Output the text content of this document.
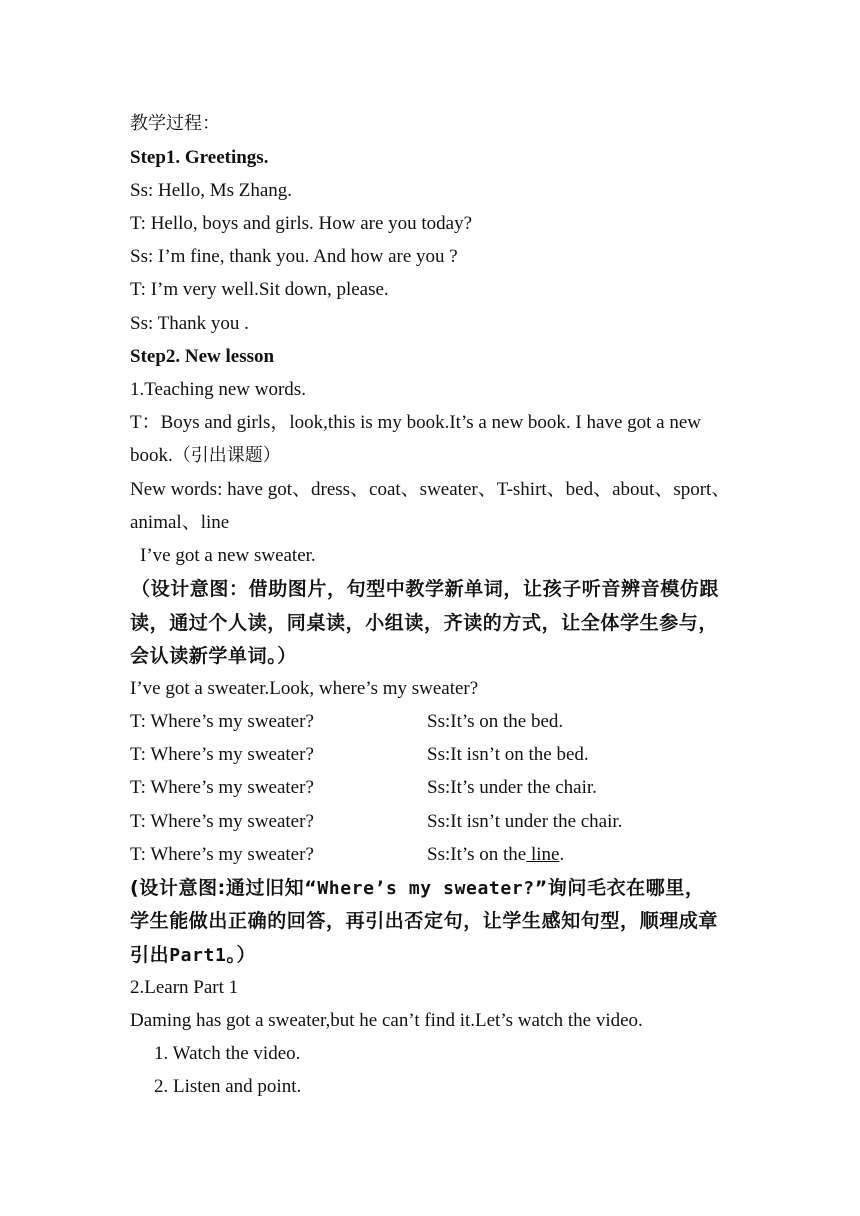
教学过程：
Step1. Greetings.
Ss: Hello, Ms Zhang.
T: Hello, boys and girls. How are you today?
Ss: I’m fine, thank you. And how are you ?
T: I’m very well.Sit down, please.
Ss: Thank you .
Step2. New lesson
1.Teaching new words.
T：Boys and girls，look,this is my book.It’s a new book. I have got a new
book.（引出课题）
New words: have got、dress、coat、sweater、T-shirt、bed、about、sport、
animal、line
I’ve got a new sweater.
（设计意图：借助图片，句型中教学新单词，让孩子听音辨音模仿跟
读，通过个人读，同桌读，小组读，齐读的方式，让全体学生参与，
会认读新学单词。）
I’ve got a sweater.Look, where’s my sweater?
T: Where’s my sweater?	Ss:It’s on the bed.
T: Where’s my sweater?	Ss:It isn’t on the bed.
T: Where’s my sweater?	Ss:It’s under the chair.
T: Where’s my sweater?	Ss:It isn’t under the chair.
T: Where’s my sweater?	Ss:It’s on the line.
(设计意图:通过旧知“Where’s my sweater?”询问毛衣在哪里，
学生能做出正确的回答，再引出否定句，让学生感知句型，顺理成章
引出Part1。）
2.Learn Part 1
Daming has got a sweater,but he can’t find it.Let’s watch the video.
1. Watch the video.
2. Listen and point.
